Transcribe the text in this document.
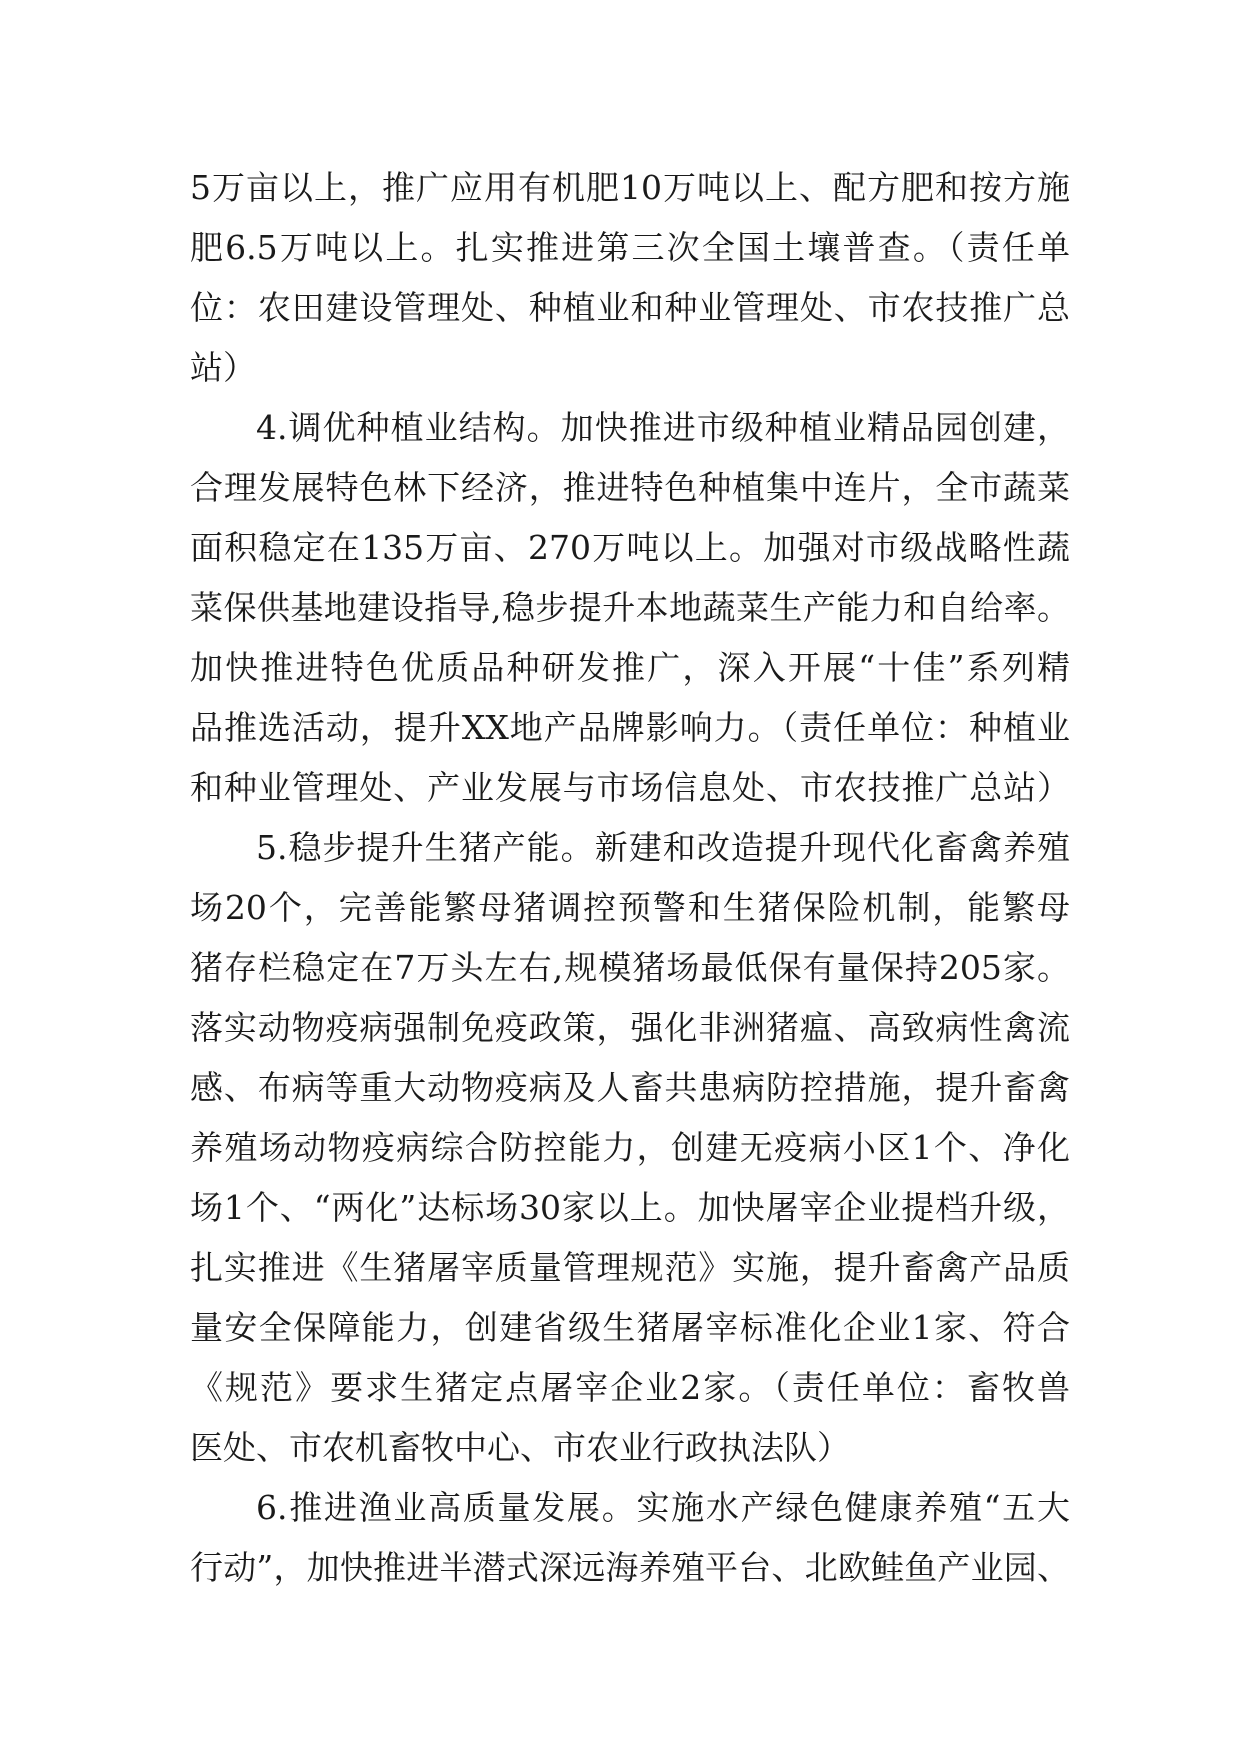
5万亩以上，推广应用有机肥10万吨以上、配方肥和按方施
肥6.5万吨以上。扎实推进第三次全国土壤普查。（责任单
位：农田建设管理处、种植业和种业管理处、市农技推广总
站）
4.调优种植业结构。加快推进市级种植业精品园创建，
合理发展特色林下经济，推进特色种植集中连片，全市蔬菜
面积稳定在135万亩、270万吨以上。加强对市级战略性蔬
菜保供基地建设指导,稳步提升本地蔬菜生产能力和自给率。
加快推进特色优质品种研发推广，深入开展“十佳”系列精
品推选活动，提升XX地产品牌影响力。（责任单位：种植业
和种业管理处、产业发展与市场信息处、市农技推广总站）
5.稳步提升生猪产能。新建和改造提升现代化畜禽养殖
场20个，完善能繁母猪调控预警和生猪保险机制，能繁母
猪存栏稳定在7万头左右,规模猪场最低保有量保持205家。
落实动物疫病强制免疫政策，强化非洲猪瘟、高致病性禽流
感、布病等重大动物疫病及人畜共患病防控措施，提升畜禽
养殖场动物疫病综合防控能力，创建无疫病小区1个、净化
场1个、“两化”达标场30家以上。加快屠宰企业提档升级，
扎实推进《生猪屠宰质量管理规范》实施，提升畜禽产品质
量安全保障能力，创建省级生猪屠宰标准化企业1家、符合
《规范》要求生猪定点屠宰企业2家。（责任单位：畜牧兽
医处、市农机畜牧中心、市农业行政执法队）
6.推进渔业高质量发展。实施水产绿色健康养殖“五大
行动”，加快推进半潜式深远海养殖平台、北欧鲑鱼产业园、
